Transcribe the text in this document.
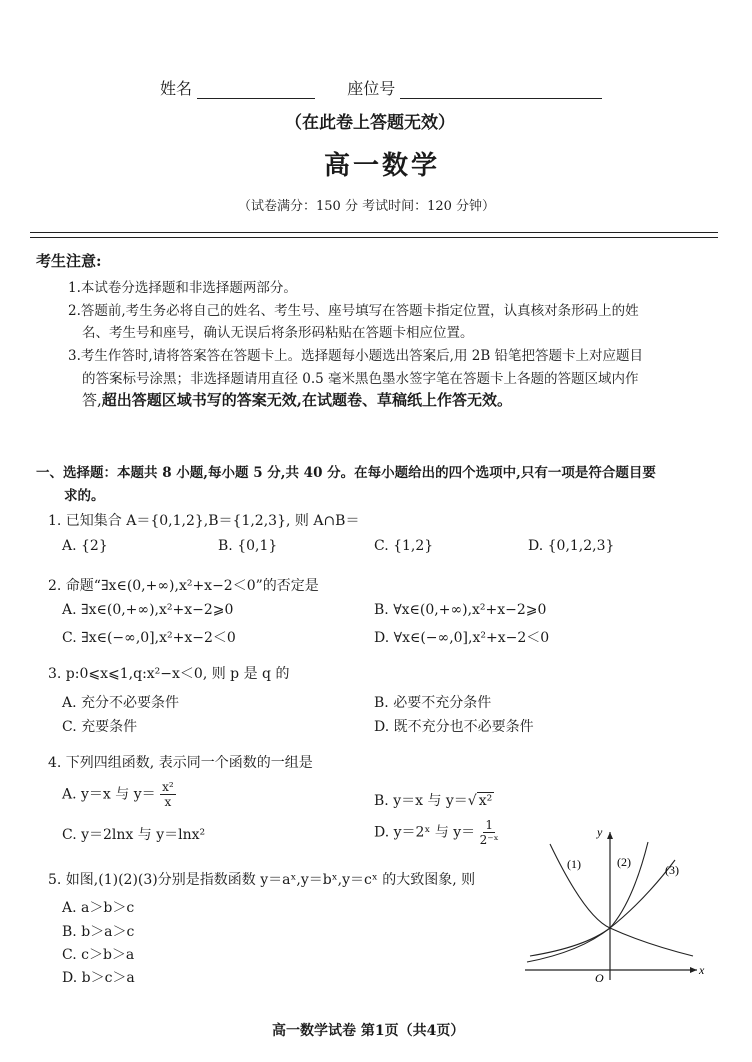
姓名	座位号
（在此卷上答题无效）
高一数学
（试卷满分：150 分 考试时间：120 分钟）
考生注意:
1.本试卷分选择题和非选择题两部分。
2.答题前,考生务必将自己的姓名、考生号、座号填写在答题卡指定位置，认真核对条形码上的姓
名、考生号和座号，确认无误后将条形码粘贴在答题卡相应位置。
3.考生作答时,请将答案答在答题卡上。选择题每小题选出答案后,用 2B 铅笔把答题卡上对应题目
的答案标号涂黑；非选择题请用直径 0.5 毫米黑色墨水签字笔在答题卡上各题的答题区域内作
答,超出答题区域书写的答案无效,在试题卷、草稿纸上作答无效。
一、选择题：本题共 8 小题,每小题 5 分,共 40 分。在每小题给出的四个选项中,只有一项是符合题目要
求的。
1. 已知集合 A＝{0,1,2},B＝{1,2,3}, 则 A∩B＝
A. {2}	B. {0,1}	C. {1,2}	D. {0,1,2,3}
2. 命题“∃x∈(0,+∞),x²+x−2＜0”的否定是
A. ∃x∈(0,+∞),x²+x−2⩾0	B. ∀x∈(0,+∞),x²+x−2⩾0
C. ∃x∈(−∞,0],x²+x−2＜0	D. ∀x∈(−∞,0],x²+x−2＜0
3. p:0⩽x⩽1,q:x²−x＜0, 则 p 是 q 的
A. 充分不必要条件	B. 必要不充分条件
C. 充要条件	D. 既不充分也不必要条件
4. 下列四组函数, 表示同一个函数的一组是
A. y＝x 与 $y= \frac{\text{x²}}{x}$	B. y＝x 与 y＝√ x²
C. y＝2lnx 与 y＝lnx²	D. y＝2ˣ 与 $y= \frac{1}{\text{2⁻ˣ}}$
5. 如图,(1)(2)(3)分别是指数函数 y＝aˣ,y＝bˣ,y＝cˣ 的大致图象, 则
A. a＞b＞c
B. b＞a＞c
C. c＞b＞a
D. b＞c＞a
(1)	(2)
(3)
x
y
O
高一数学试卷 第1页（共4页）
